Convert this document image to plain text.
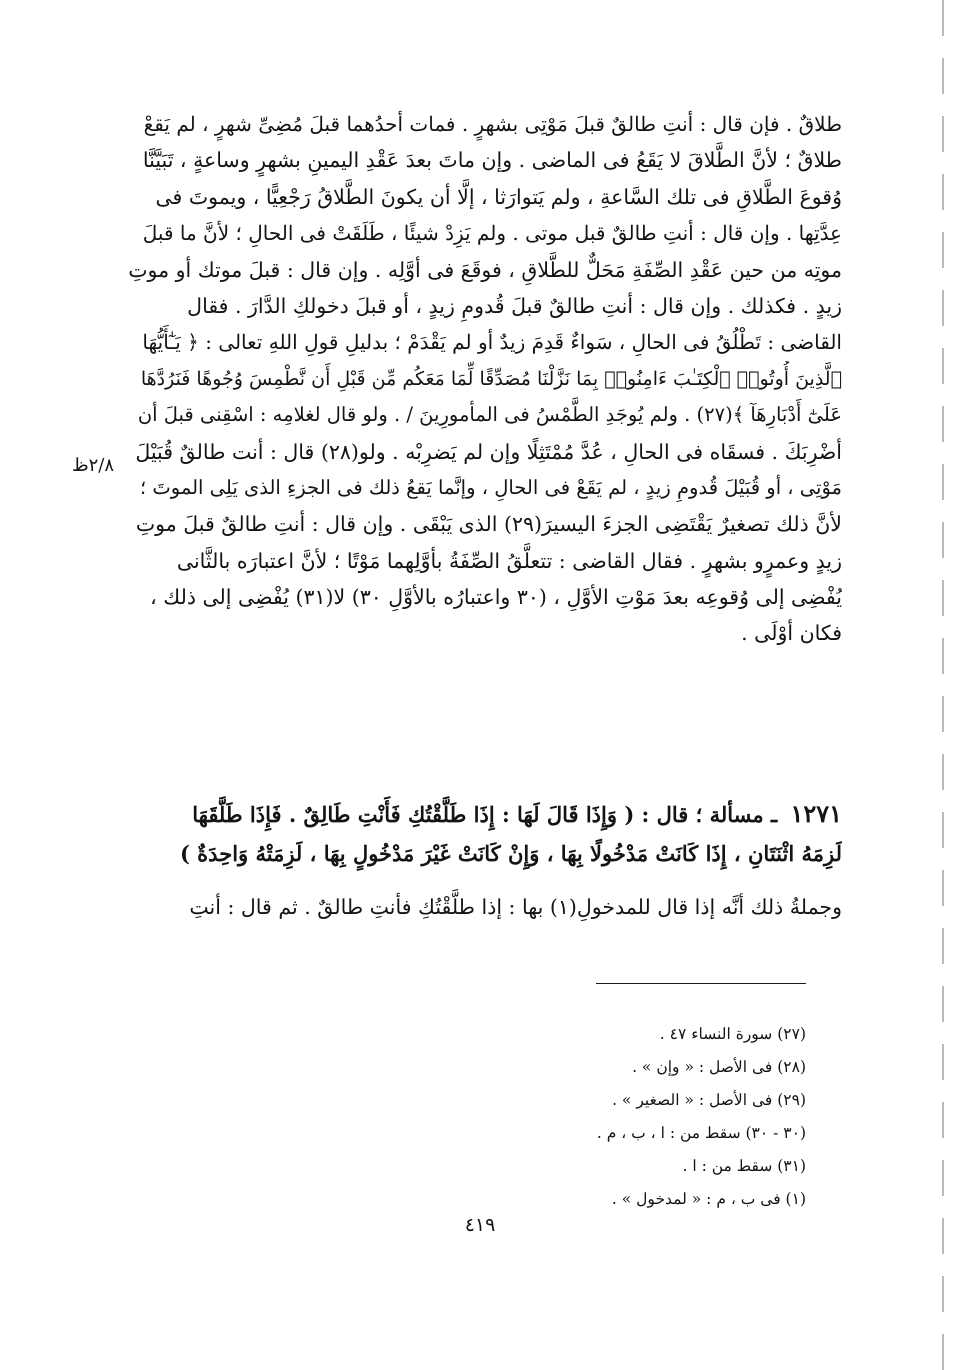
طلاقٌ . فإن قال : أنتِ طالقٌ قبلَ مَوْتِى بشهرٍ . فمات أحدُهما قبلَ مُضِىِّ شهرٍ ، لم يَقعْ
طلاقٌ ؛ لأنَّ الطَّلاقَ لا يَقَعُ فى الماضى . وإن ماتَ بعدَ عَقْدِ اليمينِ بشهرٍ وساعةٍ ، تَبَيَّنَّا
وُقوعَ الطَّلاقِ فى تلك السَّاعةِ ، ولم يَتوارَثا ، إلَّا أن يكونَ الطَّلاقُ رَجْعِيًّا ، ويموتَ فى
عِدَّتِها . وإن قال : أنتِ طالقٌ قبل موتى . ولم يَزِدْ شيئًا ، طَلَقَتْ فى الحالِ ؛ لأنَّ ما قبلَ
موتِه من حين عَقْدِ الصِّفَةِ مَحَلٌّ للطَّلاقِ ، فوقَعَ فى أوَّلِه . وإن قال : قبلَ موتك أو موتِ
زيدٍ . فكذلك . وإن قال : أنتِ طالقٌ قبلَ قُدومِ زيدٍ ، أو قبلَ دخولكِ الدَّارَ . فقال
القاضى : تَطْلُقُ فى الحالِ ، سَواءٌ قَدِمَ زيدٌ أو لم يَقْدَمْ ؛ بدليلِ قولِ اللهِ تعالى : ﴿ يَـٰٓأَيُّهَا
ٱلَّذِينَ أُوتُوا۟ ٱلْكِتَـٰبَ ءَامِنُوا۟ بِمَا نَزَّلْنَا مُصَدِّقًا لِّمَا مَعَكُم مِّن قَبْلِ أَن نَّطْمِسَ وُجُوهًا فَنَرُدَّهَا
عَلَىٰٓ أَدْبَارِهَآ ﴾(٢٧) . ولم يُوجَدِ الطَّمْسُ فى المأمورِينَ / . ولو قال لغلامِه : اسْقِنى قبلَ أن
أضْرِبَكَ . فسقَاه فى الحالِ ، عُدَّ مُمْتَثِلًا وإن لم يَضرِبْه . ولو(٢٨) قال : أنت طالقٌ قُبَيْلَ
مَوْتِى ، أو قُبَيْلَ قُدومِ زيدٍ ، لم يَقَعْ فى الحالِ ، وإنَّما يَقعُ ذلك فى الجزءِ الذى يَلِى الموتَ ؛
لأنَّ ذلك تصغيرٌ يَقْتَضِى الجزءَ اليسيرَ(٢٩) الذى يَبْقَى . وإن قال : أنتِ طالقٌ قبلَ موتِ
زيدٍ وعمرٍو بشهرٍ . فقال القاضى : تتعلَّقُ الصِّفَةُ بأوَّلِهما مَوْتًا ؛ لأنَّ اعتبارَه بالثَّانى
يُفْضِى إلى وُقوعِه بعدَ مَوْتِ الأوَّلِ ، (٣٠ واعتبارُه بالأوَّلِ ٣٠) لا(٣١) يُفْضِى إلى ذلك ،
فكان أوْلَى .
٢/٨ظ
١٢٧١ ـ مسألة ؛ قال : ( وَإِذَا قَالَ لَهَا : إِذَا طَلَّقْتُكِ فَأَنْتِ طَالِقٌ . فَإِذَا طَلَّقَهَا
لَزِمَهُ اثْنَتَانِ ، إِذَا كَانَتْ مَدْخُولًا بِهَا ، وَإِنْ كَانَتْ غَيْرَ مَدْخُولٍ بِهَا ، لَزِمَتْهُ وَاحِدَةٌ )
وجملةُ ذلك أنَّه إذا قال للمدخولِ(١) بها : إذا طلَّقْتُكِ فأنتِ طالقٌ . ثم قال : أنتِ
(٢٧) سورة النساء ٤٧ .
(٢٨) فى الأصل : « وإن » .
(٢٩) فى الأصل : « الصغير » .
(٣٠ - ٣٠) سقط من : ا ، ب ، م .
(٣١) سقط من : ا .
(١) فى ب ، م : « لمدخول » .
٤١٩
